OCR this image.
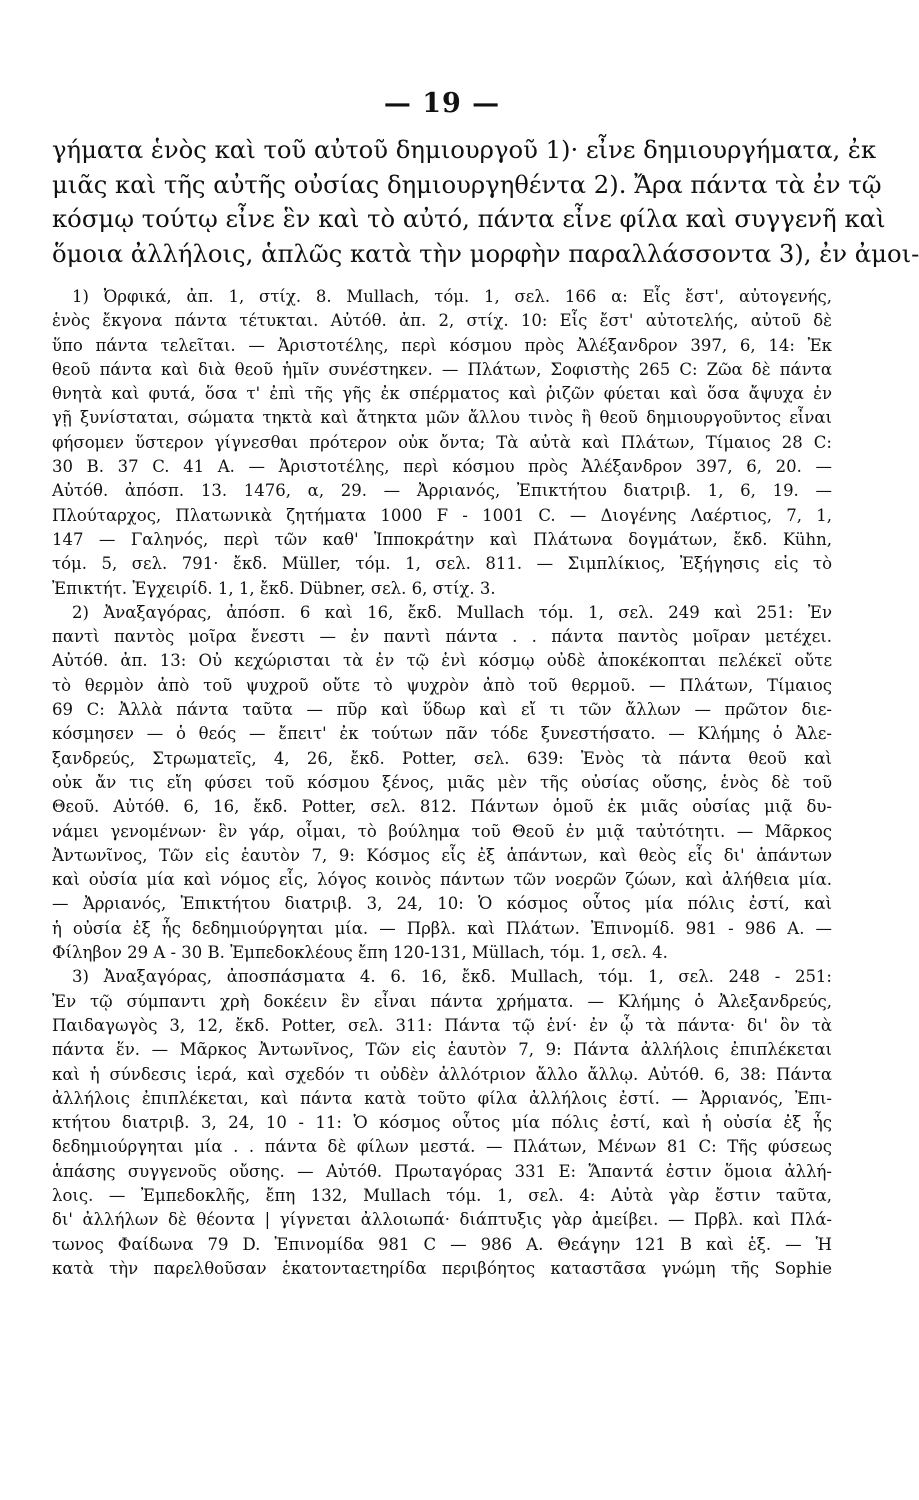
— 19 —

γήματα ἑνὸς καὶ τοῦ αὐτοῦ δημιουργοῦ 1)· εἶνε δημιουργήματα, ἐκ

μιᾶς καὶ τῆς αὐτῆς οὐσίας δημιουργηθέντα 2). Ἄρα πάντα τὰ ἐν τῷ

κόσμῳ τούτῳ εἶνε ἓν καὶ τὸ αὐτό, πάντα εἶνε φίλα καὶ συγγενῆ καὶ

ὅμοια ἀλλήλοις, ἁπλῶς κατὰ τὴν μορφὴν παραλλάσσοντα 3), ἐν ἀμοι-

1) Ὀρφικά, ἀπ. 1, στίχ. 8. Mullach, τόμ. 1, σελ. 166 α: Εἷς ἔστ', αὐτογενής,

ἑνὸς ἔκγονα πάντα τέτυκται. Αὐτόθ. ἀπ. 2, στίχ. 10: Εἷς ἔστ' αὐτοτελής, αὐτοῦ δὲ

ὕπο πάντα τελεῖται. — Ἀριστοτέλης, περὶ κόσμου πρὸς Ἀλέξανδρον 397, 6, 14: Ἐκ

θεοῦ πάντα καὶ διὰ θεοῦ ἡμῖν συνέστηκεν. — Πλάτων, Σοφιστὴς 265 C: Ζῶα δὲ πάντα

θνητὰ καὶ φυτά, ὅσα τ' ἐπὶ τῆς γῆς ἐκ σπέρματος καὶ ῥιζῶν φύεται καὶ ὅσα ἄψυχα ἐν

γῇ ξυνίσταται, σώματα τηκτὰ καὶ ἄτηκτα μῶν ἄλλου τινὸς ἢ θεοῦ δημιουργοῦντος εἶναι

φήσομεν ὕστερον γίγνεσθαι πρότερον οὐκ ὄντα; Τὰ αὐτὰ καὶ Πλάτων, Τίμαιος 28 C:

30 B. 37 C. 41 A. — Ἀριστοτέλης, περὶ κόσμου πρὸς Ἀλέξανδρον 397, 6, 20. —

Αὐτόθ. ἀπόσπ. 13. 1476, α, 29. — Ἀρριανός, Ἐπικτήτου διατριβ. 1, 6, 19. —

Πλούταρχος, Πλατωνικὰ ζητήματα 1000 F - 1001 C. — Διογένης Λαέρτιος, 7, 1,

147 — Γαληνός, περὶ τῶν καθ' Ἱπποκράτην καὶ Πλάτωνα δογμάτων, ἔκδ. Kühn,

τόμ. 5, σελ. 791· ἔκδ. Müller, τόμ. 1, σελ. 811. — Σιμπλίκιος, Ἐξήγησις εἰς τὸ

Ἐπικτήτ. Ἐγχειρίδ. 1, 1, ἔκδ. Dübner, σελ. 6, στίχ. 3.

2) Ἀναξαγόρας, ἀπόσπ. 6 καὶ 16, ἔκδ. Mullach τόμ. 1, σελ. 249 καὶ 251: Ἐν

παντὶ παντὸς μοῖρα ἔνεστι — ἐν παντὶ πάντα . . πάντα παντὸς μοῖραν μετέχει.

Αὐτόθ. ἀπ. 13: Οὐ κεχώρισται τὰ ἐν τῷ ἑνὶ κόσμῳ οὐδὲ ἀποκέκοπται πελέκεϊ οὔτε

τὸ θερμὸν ἀπὸ τοῦ ψυχροῦ οὔτε τὸ ψυχρὸν ἀπὸ τοῦ θερμοῦ. — Πλάτων, Τίμαιος

69 C: Ἀλλὰ πάντα ταῦτα — πῦρ καὶ ὕδωρ καὶ εἴ τι τῶν ἄλλων — πρῶτον διε-

κόσμησεν — ὁ θεός — ἔπειτ' ἐκ τούτων πᾶν τόδε ξυνεστήσατο. — Κλήμης ὁ Ἀλε-

ξανδρεύς, Στρωματεῖς, 4, 26, ἔκδ. Potter, σελ. 639: Ἑνὸς τὰ πάντα θεοῦ καὶ

οὐκ ἄν τις εἴη φύσει τοῦ κόσμου ξένος, μιᾶς μὲν τῆς οὐσίας οὔσης, ἑνὸς δὲ τοῦ

Θεοῦ. Αὐτόθ. 6, 16, ἔκδ. Potter, σελ. 812. Πάντων ὁμοῦ ἐκ μιᾶς οὐσίας μιᾷ δυ-

νάμει γενομένων· ἓν γάρ, οἶμαι, τὸ βούλημα τοῦ Θεοῦ ἐν μιᾷ ταὐτότητι. — Μᾶρκος

Ἀντωνῖνος, Τῶν εἰς ἑαυτὸν 7, 9: Κόσμος εἷς ἐξ ἁπάντων, καὶ θεὸς εἷς δι' ἁπάντων

καὶ οὐσία μία καὶ νόμος εἷς, λόγος κοινὸς πάντων τῶν νοερῶν ζώων, καὶ ἀλήθεια μία.

— Ἀρριανός, Ἐπικτήτου διατριβ. 3, 24, 10: Ὁ κόσμος οὗτος μία πόλις ἐστί, καὶ

ἡ οὐσία ἐξ ἧς δεδημιούργηται μία. — Πρβλ. καὶ Πλάτων. Ἐπινομίδ. 981 - 986 A. —

Φίληβον 29 A - 30 B. Ἐμπεδοκλέους ἔπη 120-131, Müllach, τόμ. 1, σελ. 4.

3) Ἀναξαγόρας, ἀποσπάσματα 4. 6. 16, ἔκδ. Mullach, τόμ. 1, σελ. 248 - 251:

Ἐν τῷ σύμπαντι χρὴ δοκέειν ἓν εἶναι πάντα χρήματα. — Κλήμης ὁ Ἀλεξανδρεύς,

Παιδαγωγὸς 3, 12, ἔκδ. Potter, σελ. 311: Πάντα τῷ ἑνί· ἐν ᾧ τὰ πάντα· δι' ὃν τὰ

πάντα ἕν. — Μᾶρκος Ἀντωνῖνος, Τῶν εἰς ἑαυτὸν 7, 9: Πάντα ἀλλήλοις ἐπιπλέκεται

καὶ ἡ σύνδεσις ἱερά, καὶ σχεδόν τι οὐδὲν ἀλλότριον ἄλλο ἄλλῳ. Αὐτόθ. 6, 38: Πάντα

ἀλλήλοις ἐπιπλέκεται, καὶ πάντα κατὰ τοῦτο φίλα ἀλλήλοις ἐστί. — Ἀρριανός, Ἐπι-

κτήτου διατριβ. 3, 24, 10 - 11: Ὁ κόσμος οὗτος μία πόλις ἐστί, καὶ ἡ οὐσία ἐξ ἧς

δεδημιούργηται μία . . πάντα δὲ φίλων μεστά. — Πλάτων, Μένων 81 C: Τῆς φύσεως

ἁπάσης συγγενοῦς οὔσης. — Αὐτόθ. Πρωταγόρας 331 E: Ἅπαντά ἐστιν ὅμοια ἀλλή-

λοις. — Ἐμπεδοκλῆς, ἔπη 132, Mullach τόμ. 1, σελ. 4: Αὐτὰ γὰρ ἔστιν ταῦτα,

δι' ἀλλήλων δὲ θέοντα | γίγνεται ἀλλοιωπά· διάπτυξις γὰρ ἀμείβει. — Πρβλ. καὶ Πλά-

τωνος Φαίδωνα 79 D. Ἐπινομίδα 981 C — 986 A. Θεάγην 121 B καὶ ἑξ. — Ἡ

κατὰ τὴν παρελθοῦσαν ἑκατονταετηρίδα περιβόητος καταστᾶσα γνώμη τῆς Sophie
